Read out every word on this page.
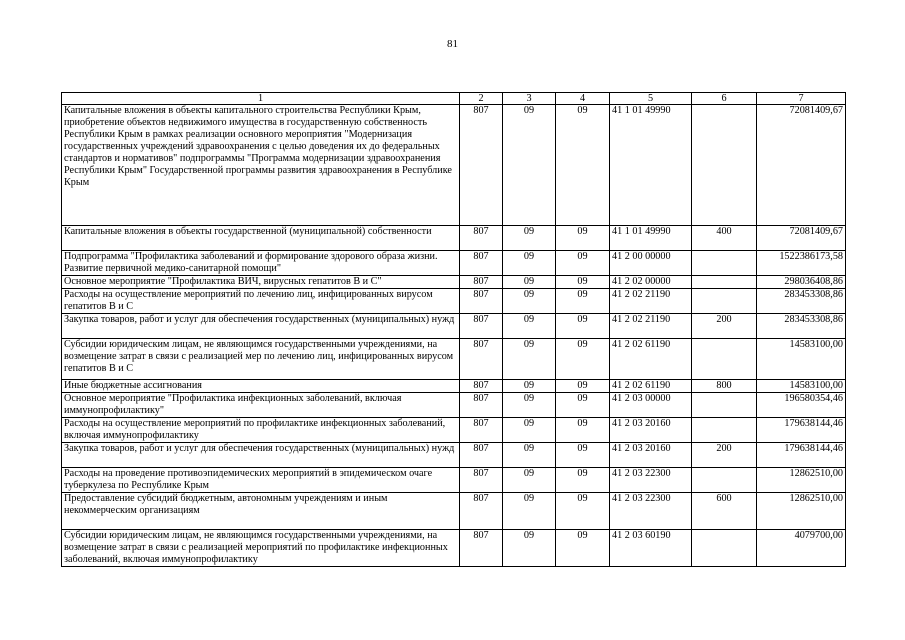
81
1	2	3	4	5	6	7
Капитальные вложения в объекты капитального строительства Республики Крым, приобретение объектов недвижимого имущества в государственную собственность Республики Крым в рамках реализации основного мероприятия "Модернизация государственных учреждений здравоохранения с целью доведения их до федеральных стандартов и нормативов" подпрограммы "Программа модернизации здравоохранения Республики Крым" Государственной программы развития здравоохранения в Республике Крым	807	09	09	41 1 01 49990		72081409,67
Капитальные вложения в объекты государственной (муниципальной) собственности	807	09	09	41 1 01 49990	400	72081409,67
Подпрограмма "Профилактика заболеваний и формирование здорового образа жизни. Развитие первичной медико-санитарной помощи"	807	09	09	41 2 00 00000		1522386173,58
Основное мероприятие "Профилактика ВИЧ, вирусных гепатитов В и С"	807	09	09	41 2 02 00000		298036408,86
Расходы на осуществление мероприятий по лечению лиц, инфицированных вирусом гепатитов В и С	807	09	09	41 2 02 21190		283453308,86
Закупка товаров, работ и услуг для обеспечения государственных (муниципальных) нужд	807	09	09	41 2 02 21190	200	283453308,86
Субсидии юридическим лицам, не являющимся государственными учреждениями, на возмещение затрат в связи с реализацией мер по лечению лиц, инфицированных вирусом гепатитов В и С	807	09	09	41 2 02 61190		14583100,00
Иные бюджетные ассигнования	807	09	09	41 2 02 61190	800	14583100,00
Основное мероприятие "Профилактика инфекционных заболеваний, включая иммунопрофилактику"	807	09	09	41 2 03 00000		196580354,46
Расходы на осуществление мероприятий по профилактике инфекционных заболеваний, включая иммунопрофилактику	807	09	09	41 2 03 20160		179638144,46
Закупка товаров, работ и услуг для обеспечения государственных (муниципальных) нужд	807	09	09	41 2 03 20160	200	179638144,46
Расходы на проведение противоэпидемических мероприятий в эпидемическом очаге туберкулеза по Республике Крым	807	09	09	41 2 03 22300		12862510,00
Предоставление субсидий бюджетным, автономным учреждениям и иным некоммерческим организациям	807	09	09	41 2 03 22300	600	12862510,00
Субсидии юридическим лицам, не являющимся государственными учреждениями, на возмещение затрат в связи с реализацией мероприятий по профилактике инфекционных заболеваний, включая иммунопрофилактику	807	09	09	41 2 03 60190		4079700,00
